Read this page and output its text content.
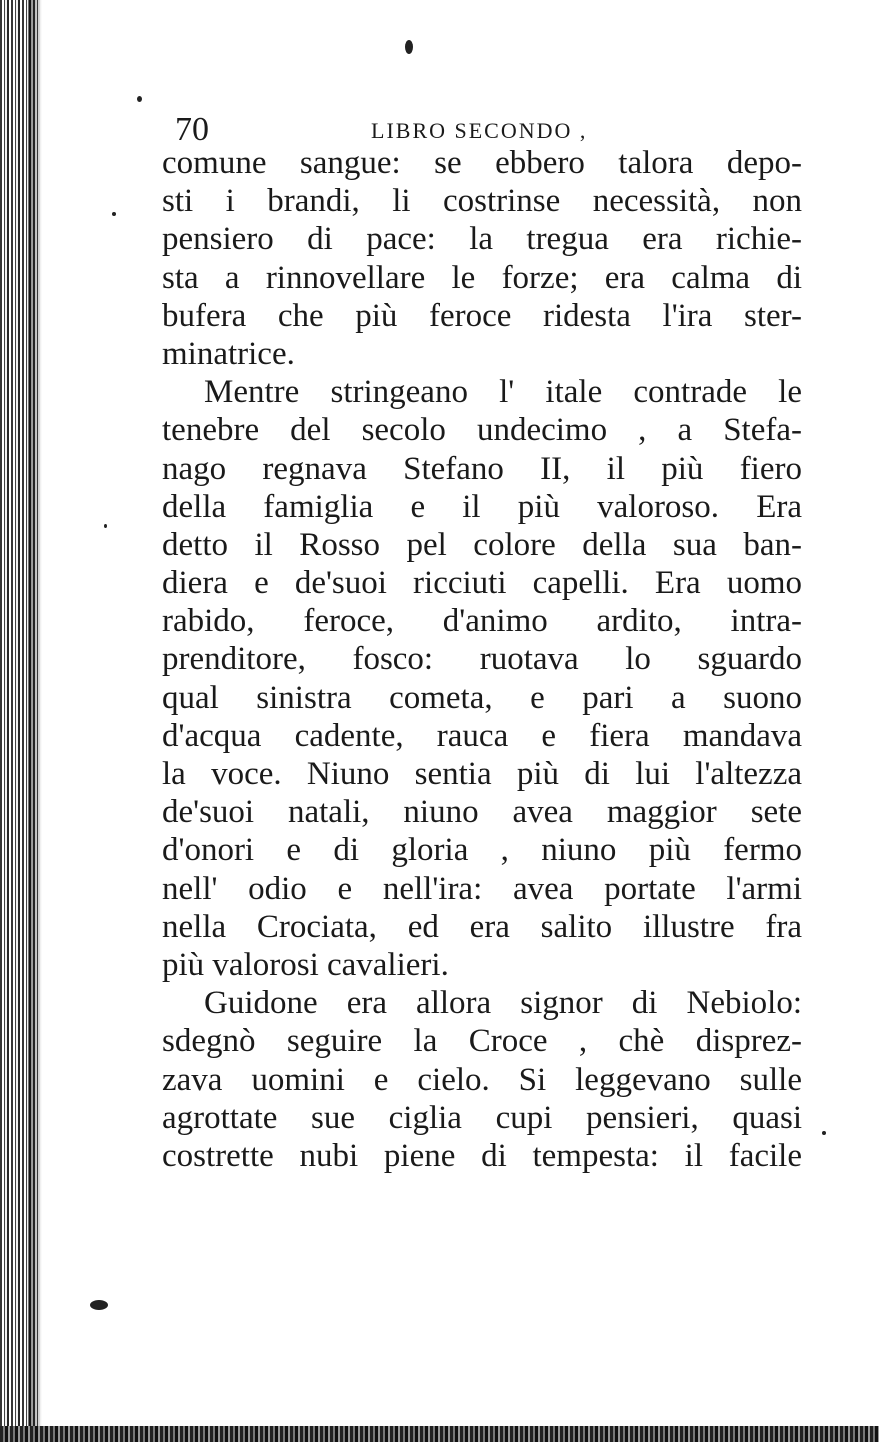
70	LIBRO SECONDO ,
comune sangue: se ebbero talora depo-
sti i brandi, li costrinse necessità, non
pensiero di pace: la tregua era richie-
sta a rinnovellare le forze; era calma di
bufera che più feroce ridesta l'ira ster-
minatrice.
Mentre stringeano l' itale contrade le
tenebre del secolo undecimo , a Stefa-
nago regnava Stefano II, il più fiero
della famiglia e il più valoroso. Era
detto il Rosso pel colore della sua ban-
diera e de'suoi ricciuti capelli. Era uomo
rabido, feroce, d'animo ardito, intra-
prenditore, fosco: ruotava lo sguardo
qual sinistra cometa, e pari a suono
d'acqua cadente, rauca e fiera mandava
la voce. Niuno sentia più di lui l'altezza
de'suoi natali, niuno avea maggior sete
d'onori e di gloria , niuno più fermo
nell' odio e nell'ira: avea portate l'armi
nella Crociata, ed era salito illustre fra
più valorosi cavalieri.
Guidone era allora signor di Nebiolo:
sdegnò seguire la Croce , chè disprez-
zava uomini e cielo. Si leggevano sulle
agrottate sue ciglia cupi pensieri, quasi
costrette nubi piene di tempesta: il facile
